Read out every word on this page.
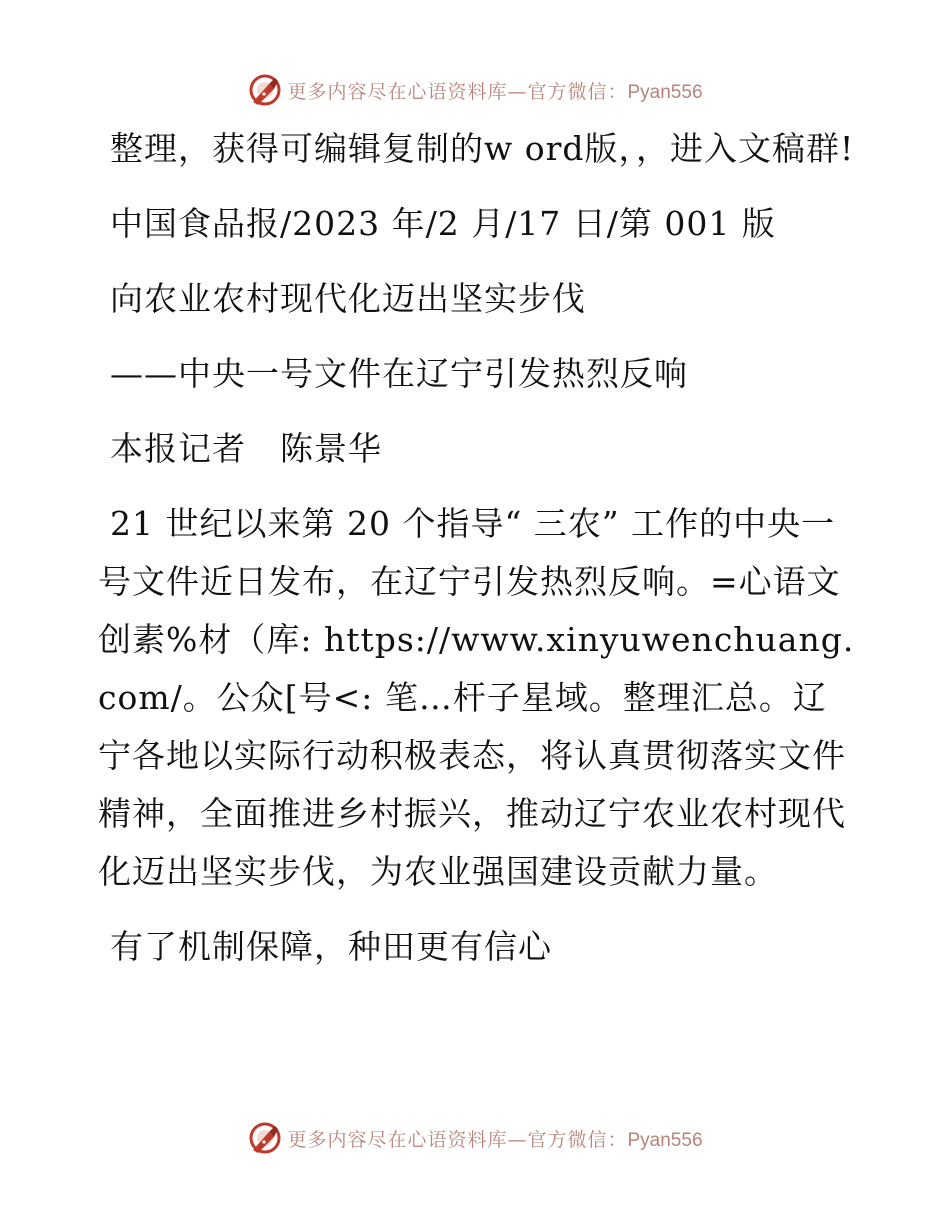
更多内容尽在心语资料库—官方微信：Pyan556

整理，获得可编辑复制的w ord版，，进入文稿群!

中国食品报/2023 年/2 月/17 日/第 001 版

向农业农村现代化迈出坚实步伐

——中央一号文件在辽宁引发热烈反响

本报记者　陈景华

21 世纪以来第 20 个指导“ 三农” 工作的中央一号文件近日发布，在辽宁引发热烈反响。=心语文创素%材（库: https://www.xinyuwenchuang.com/。公众[号<: 笔…杆子星域。整理汇总。辽宁各地以实际行动积极表态，将认真贯彻落实文件精神，全面推进乡村振兴，推动辽宁农业农村现代化迈出坚实步伐，为农业强国建设贡献力量。

有了机制保障，种田更有信心

更多内容尽在心语资料库—官方微信：Pyan556
